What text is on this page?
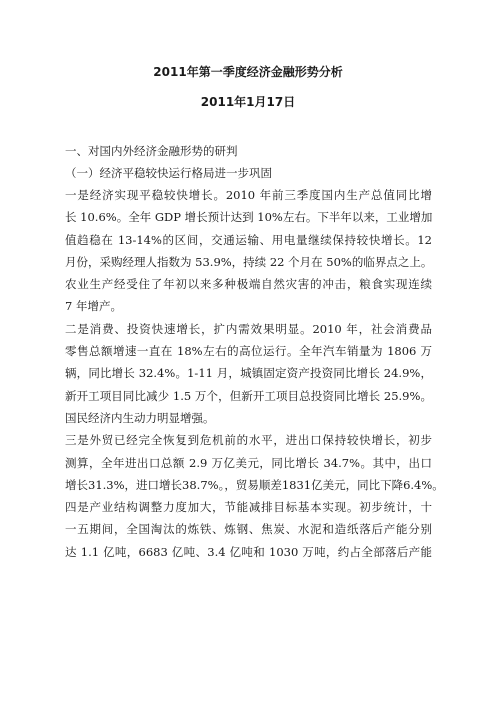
2011年第一季度经济金融形势分析
2011年1月17日
一、对国内外经济金融形势的研判
（一）经济平稳较快运行格局进一步巩固
一是经济实现平稳较快增长。2010 年前三季度国内生产总值同比增
长 10.6%。全年 GDP 增长预计达到 10%左右。下半年以来，工业增加
值趋稳在 13-14%的区间，交通运输、用电量继续保持较快增长。12
月份，采购经理人指数为 53.9%，持续 22 个月在 50%的临界点之上。
农业生产经受住了年初以来多种极端自然灾害的冲击，粮食实现连续
7 年增产。
二是消费、投资快速增长，扩内需效果明显。2010 年，社会消费品
零售总额增速一直在 18%左右的高位运行。全年汽车销量为 1806 万
辆，同比增长 32.4%。1-11 月，城镇固定资产投资同比增长 24.9%，
新开工项目同比减少 1.5 万个，但新开工项目总投资同比增长 25.9%。
国民经济内生动力明显增强。
三是外贸已经完全恢复到危机前的水平，进出口保持较快增长，初步
测算，全年进出口总额 2.9 万亿美元，同比增长 34.7%。其中，出口
增长31.3%，进口增长38.7%。，贸易顺差1831亿美元，同比下降6.4%。
四是产业结构调整力度加大，节能减排目标基本实现。初步统计，十
一五期间，全国淘汰的炼铁、炼钢、焦炭、水泥和造纸落后产能分别
达 1.1 亿吨，6683 亿吨、3.4 亿吨和 1030 万吨，约占全部落后产能
